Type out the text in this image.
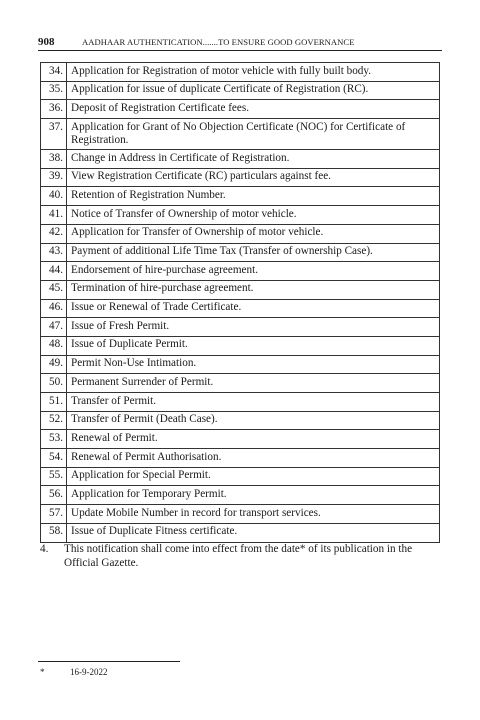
908	AADHAAR AUTHENTICATION.......TO ENSURE GOOD GOVERNANCE
34.	Application for Registration of motor vehicle with fully built body.
35.	Application for issue of duplicate Certificate of Registration (RC).
36.	Deposit of Registration Certificate fees.
37.	Application for Grant of No Objection Certificate (NOC) for Certificate of Registration.
38.	Change in Address in Certificate of Registration.
39.	View Registration Certificate (RC) particulars against fee.
40.	Retention of Registration Number.
41.	Notice of Transfer of Ownership of motor vehicle.
42.	Application for Transfer of Ownership of motor vehicle.
43.	Payment of additional Life Time Tax (Transfer of ownership Case).
44.	Endorsement of hire-purchase agreement.
45.	Termination of hire-purchase agreement.
46.	Issue or Renewal of Trade Certificate.
47.	Issue of Fresh Permit.
48.	Issue of Duplicate Permit.
49.	Permit Non-Use Intimation.
50.	Permanent Surrender of Permit.
51.	Transfer of Permit.
52.	Transfer of Permit (Death Case).
53.	Renewal of Permit.
54.	Renewal of Permit Authorisation.
55.	Application for Special Permit.
56.	Application for Temporary Permit.
57.	Update Mobile Number in record for transport services.
58.	Issue of Duplicate Fitness certificate.
4. This notification shall come into effect from the date* of its publication in the Official Gazette.
*	16-9-2022
